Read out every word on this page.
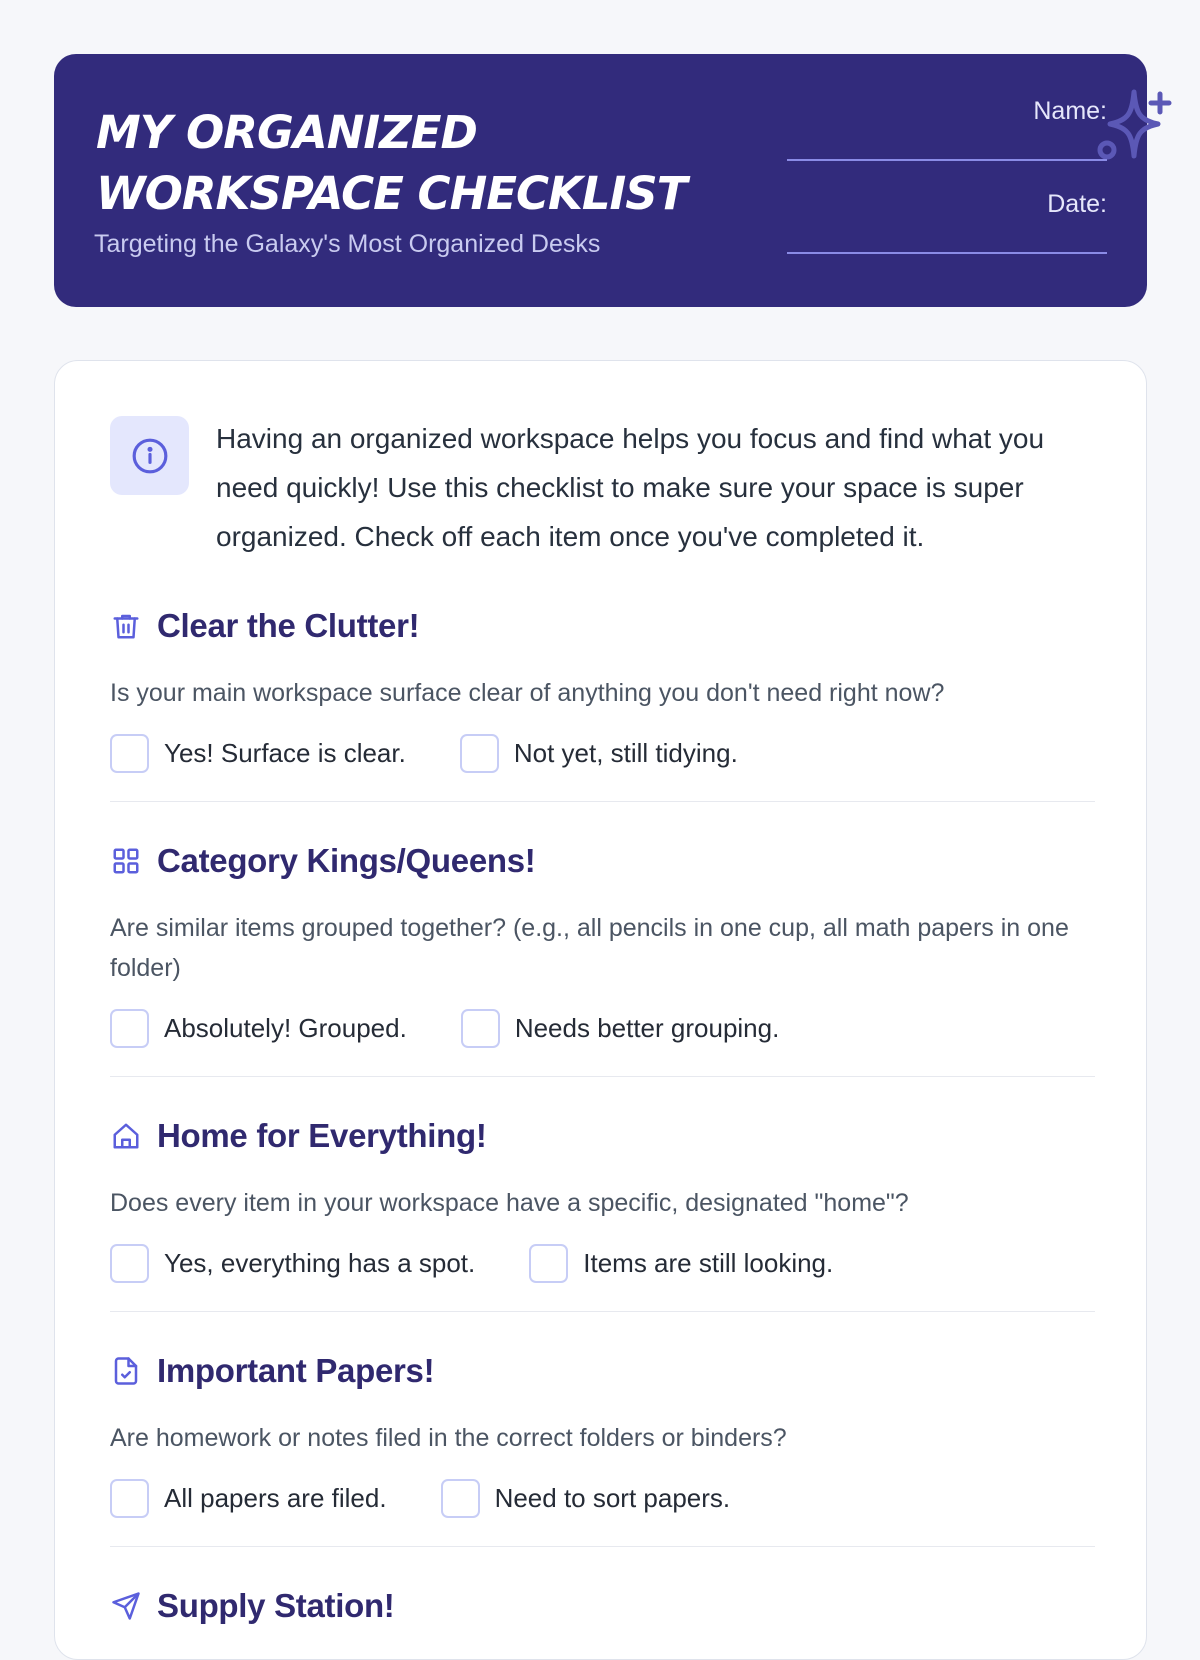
MY ORGANIZED WORKSPACE CHECKLIST
Targeting the Galaxy's Most Organized Desks
Name:
Date:
Having an organized workspace helps you focus and find what you need quickly! Use this checklist to make sure your space is super organized. Check off each item once you've completed it.
Clear the Clutter!
Is your main workspace surface clear of anything you don't need right now?
Yes! Surface is clear.	Not yet, still tidying.
Category Kings/Queens!
Are similar items grouped together? (e.g., all pencils in one cup, all math papers in one folder)
Absolutely! Grouped.	Needs better grouping.
Home for Everything!
Does every item in your workspace have a specific, designated "home"?
Yes, everything has a spot.	Items are still looking.
Important Papers!
Are homework or notes filed in the correct folders or binders?
All papers are filed.	Need to sort papers.
Supply Station!
